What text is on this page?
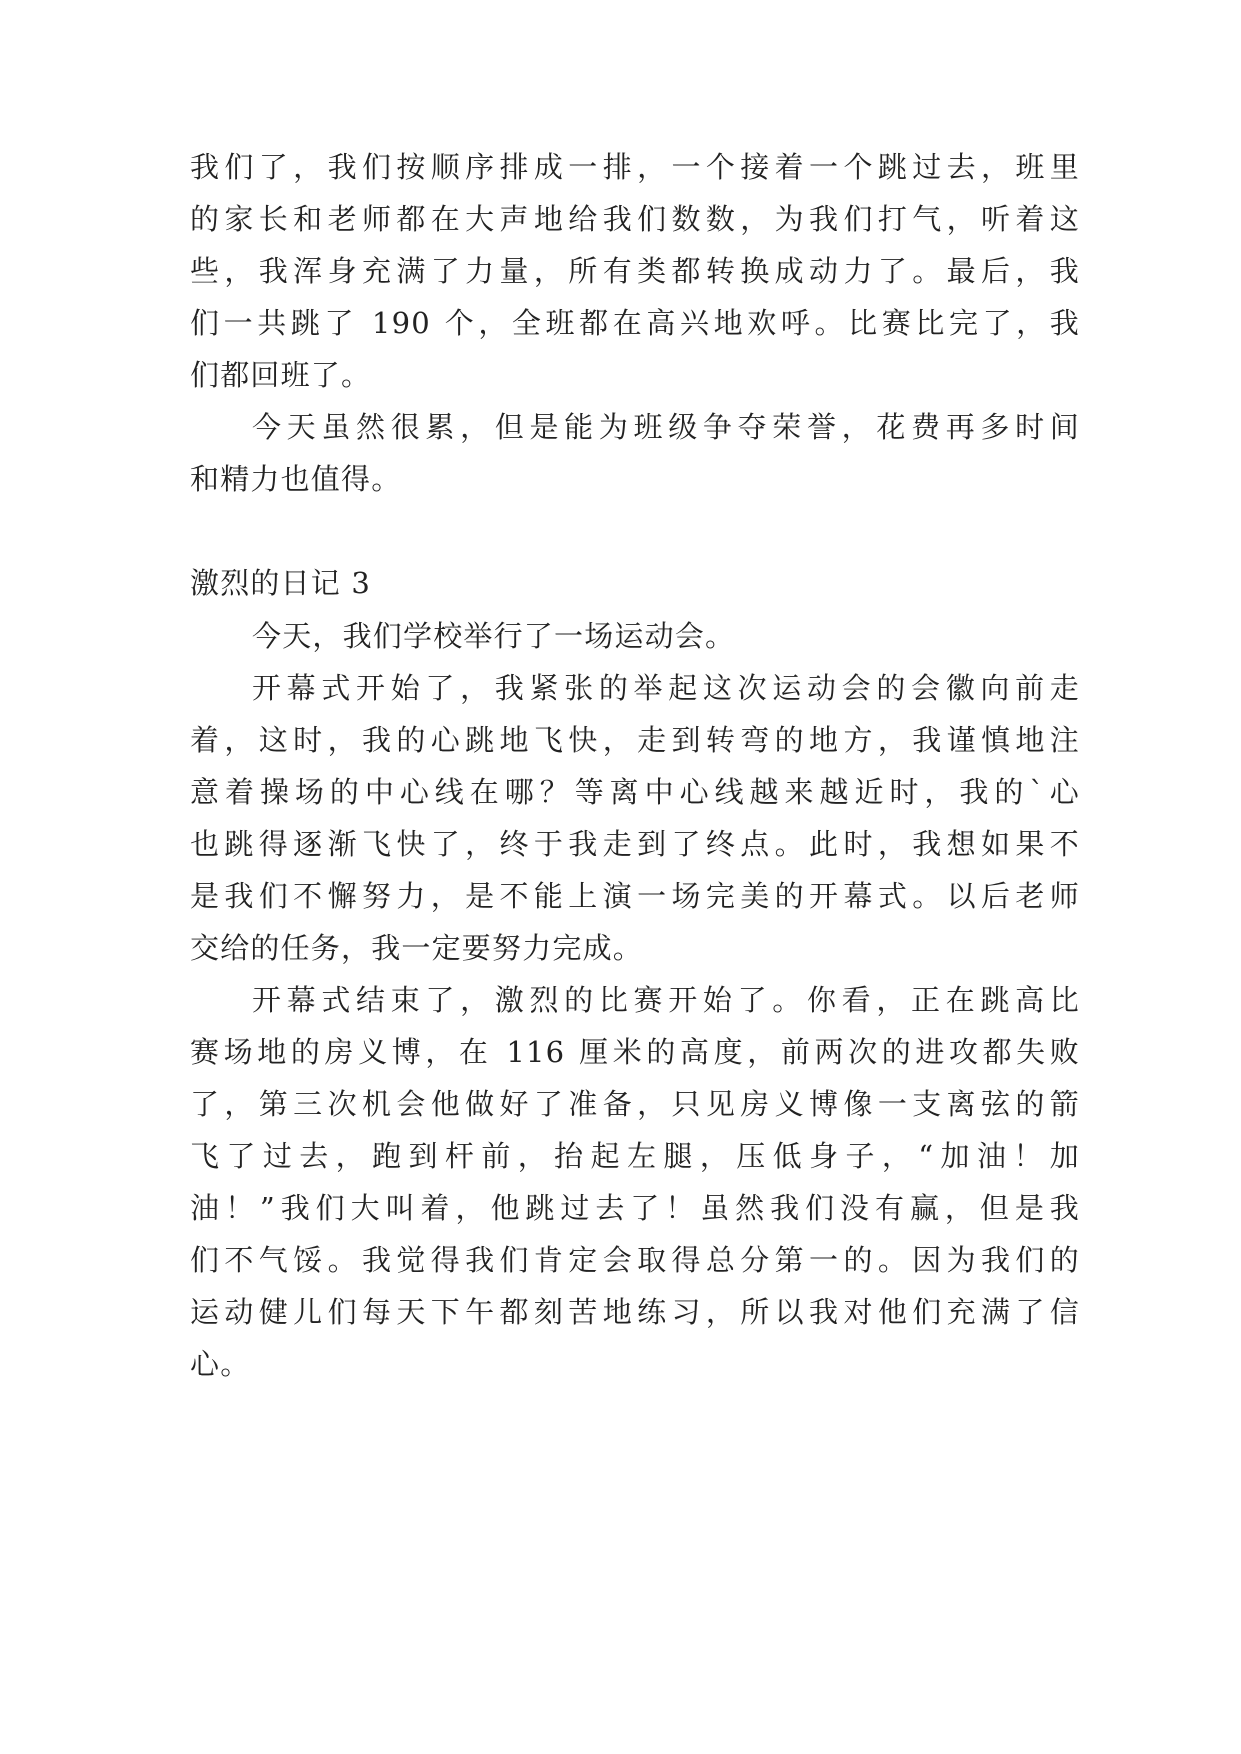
我们了，我们按顺序排成一排，一个接着一个跳过去，班里
的家长和老师都在大声地给我们数数，为我们打气，听着这
些，我浑身充满了力量，所有类都转换成动力了。最后，我
们一共跳了 190 个，全班都在高兴地欢呼。比赛比完了，我
们都回班了。
今天虽然很累，但是能为班级争夺荣誉，花费再多时间
和精力也值得。
激烈的日记 3
今天，我们学校举行了一场运动会。
开幕式开始了，我紧张的举起这次运动会的会徽向前走
着，这时，我的心跳地飞快，走到转弯的地方，我谨慎地注
意着操场的中心线在哪？等离中心线越来越近时，我的`心
也跳得逐渐飞快了，终于我走到了终点。此时，我想如果不
是我们不懈努力，是不能上演一场完美的开幕式。以后老师
交给的任务，我一定要努力完成。
开幕式结束了，激烈的比赛开始了。你看，正在跳高比
赛场地的房义博，在 116 厘米的高度，前两次的进攻都失败
了，第三次机会他做好了准备，只见房义博像一支离弦的箭
飞了过去，跑到杆前，抬起左腿，压低身子，“加油！加
油！”我们大叫着，他跳过去了！虽然我们没有赢，但是我
们不气馁。我觉得我们肯定会取得总分第一的。因为我们的
运动健儿们每天下午都刻苦地练习，所以我对他们充满了信
心。
